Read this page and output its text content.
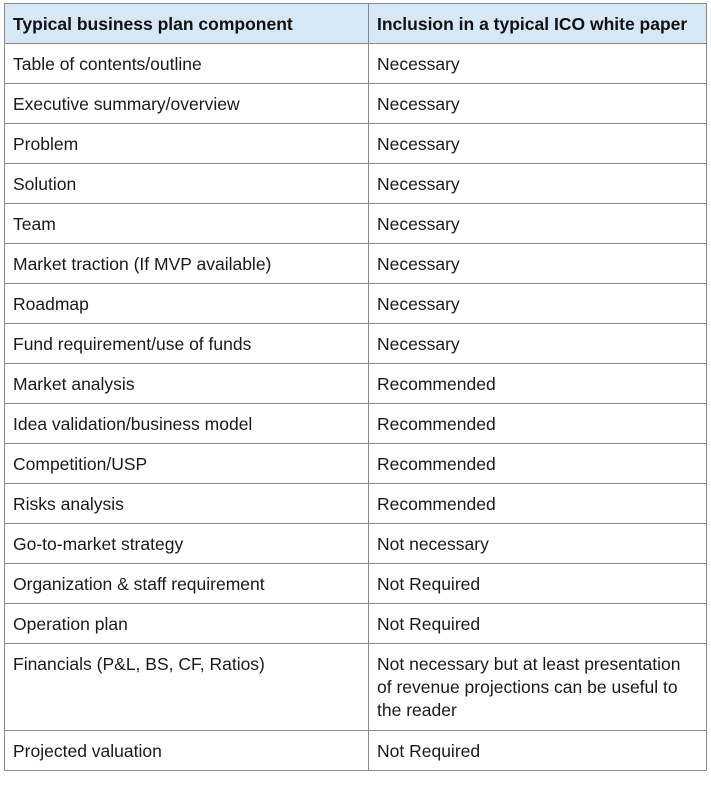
Typical business plan component	Inclusion in a typical ICO white paper
Table of contents/outline	Necessary
Executive summary/overview	Necessary
Problem	Necessary
Solution	Necessary
Team	Necessary
Market traction (If MVP available)	Necessary
Roadmap	Necessary
Fund requirement/use of funds	Necessary
Market analysis	Recommended
Idea validation/business model	Recommended
Competition/USP	Recommended
Risks analysis	Recommended
Go-to-market strategy	Not necessary
Organization & staff requirement	Not Required
Operation plan	Not Required
Financials (P&L, BS, CF, Ratios)	Not necessary but at least presentation of revenue projections can be useful to the reader
Projected valuation	Not Required
